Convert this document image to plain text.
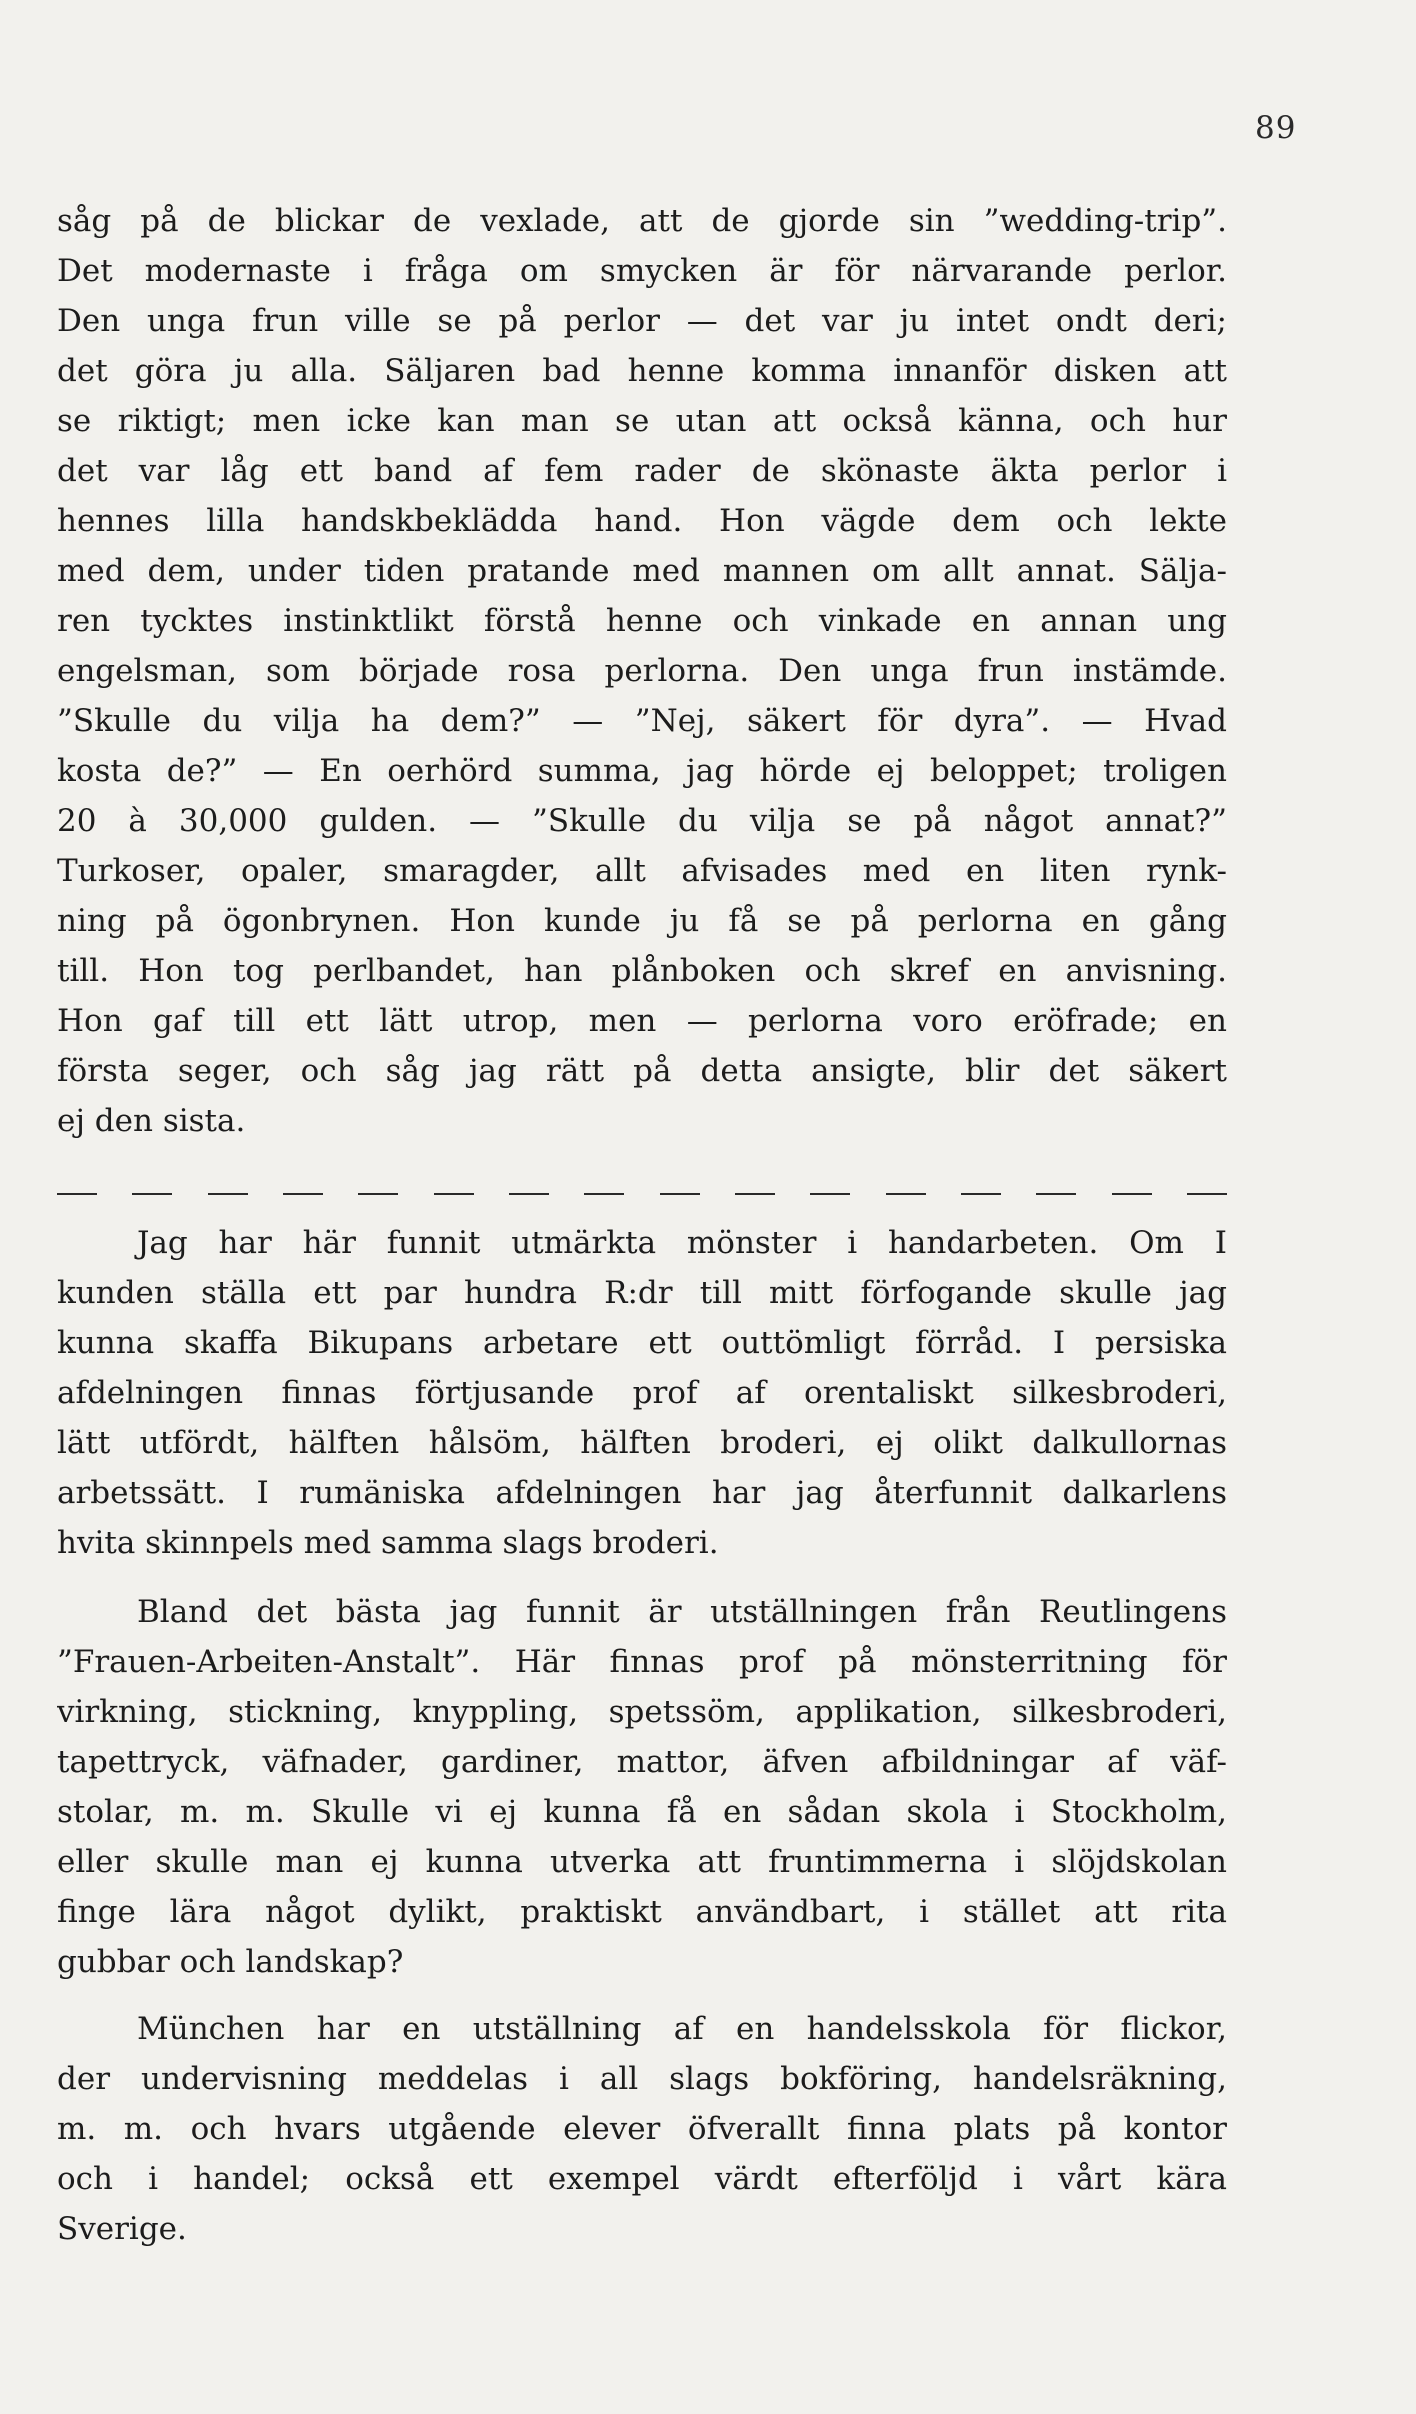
89
såg på de blickar de vexlade, att de gjorde sin ”wedding-trip”.
Det modernaste i fråga om smycken är för närvarande perlor.
Den unga frun ville se på perlor — det var ju intet ondt deri;
det göra ju alla. Säljaren bad henne komma innanför disken att
se riktigt; men icke kan man se utan att också känna, och hur
det var låg ett band af fem rader de skönaste äkta perlor i
hennes lilla handskbeklädda hand. Hon vägde dem och lekte
med dem, under tiden pratande med mannen om allt annat. Sälja-
ren tycktes instinktlikt förstå henne och vinkade en annan ung
engelsman, som började rosa perlorna. Den unga frun instämde.
”Skulle du vilja ha dem?” — ”Nej, säkert för dyra”. — Hvad
kosta de?” — En oerhörd summa, jag hörde ej beloppet; troligen
20 à 30,000 gulden. — ”Skulle du vilja se på något annat?”
Turkoser, opaler, smaragder, allt afvisades med en liten rynk-
ning på ögonbrynen. Hon kunde ju få se på perlorna en gång
till. Hon tog perlbandet, han plånboken och skref en anvisning.
Hon gaf till ett lätt utrop, men — perlorna voro eröfrade; en
första seger, och såg jag rätt på detta ansigte, blir det säkert
ej den sista.
Jag har här funnit utmärkta mönster i handarbeten. Om I
kunden ställa ett par hundra R:dr till mitt förfogande skulle jag
kunna skaffa Bikupans arbetare ett outtömligt förråd. I persiska
afdelningen finnas förtjusande prof af orentaliskt silkesbroderi,
lätt utfördt, hälften hålsöm, hälften broderi, ej olikt dalkullornas
arbetssätt. I rumäniska afdelningen har jag återfunnit dalkarlens
hvita skinnpels med samma slags broderi.
Bland det bästa jag funnit är utställningen från Reutlingens
”Frauen-Arbeiten-Anstalt”. Här finnas prof på mönsterritning för
virkning, stickning, knyppling, spetssöm, applikation, silkesbroderi,
tapettryck, väfnader, gardiner, mattor, äfven afbildningar af väf-
stolar, m. m. Skulle vi ej kunna få en sådan skola i Stockholm,
eller skulle man ej kunna utverka att fruntimmerna i slöjdskolan
finge lära något dylikt, praktiskt användbart, i stället att rita
gubbar och landskap?
München har en utställning af en handelsskola för flickor,
der undervisning meddelas i all slags bokföring, handelsräkning,
m. m. och hvars utgående elever öfverallt finna plats på kontor
och i handel; också ett exempel värdt efterföljd i vårt kära
Sverige.
